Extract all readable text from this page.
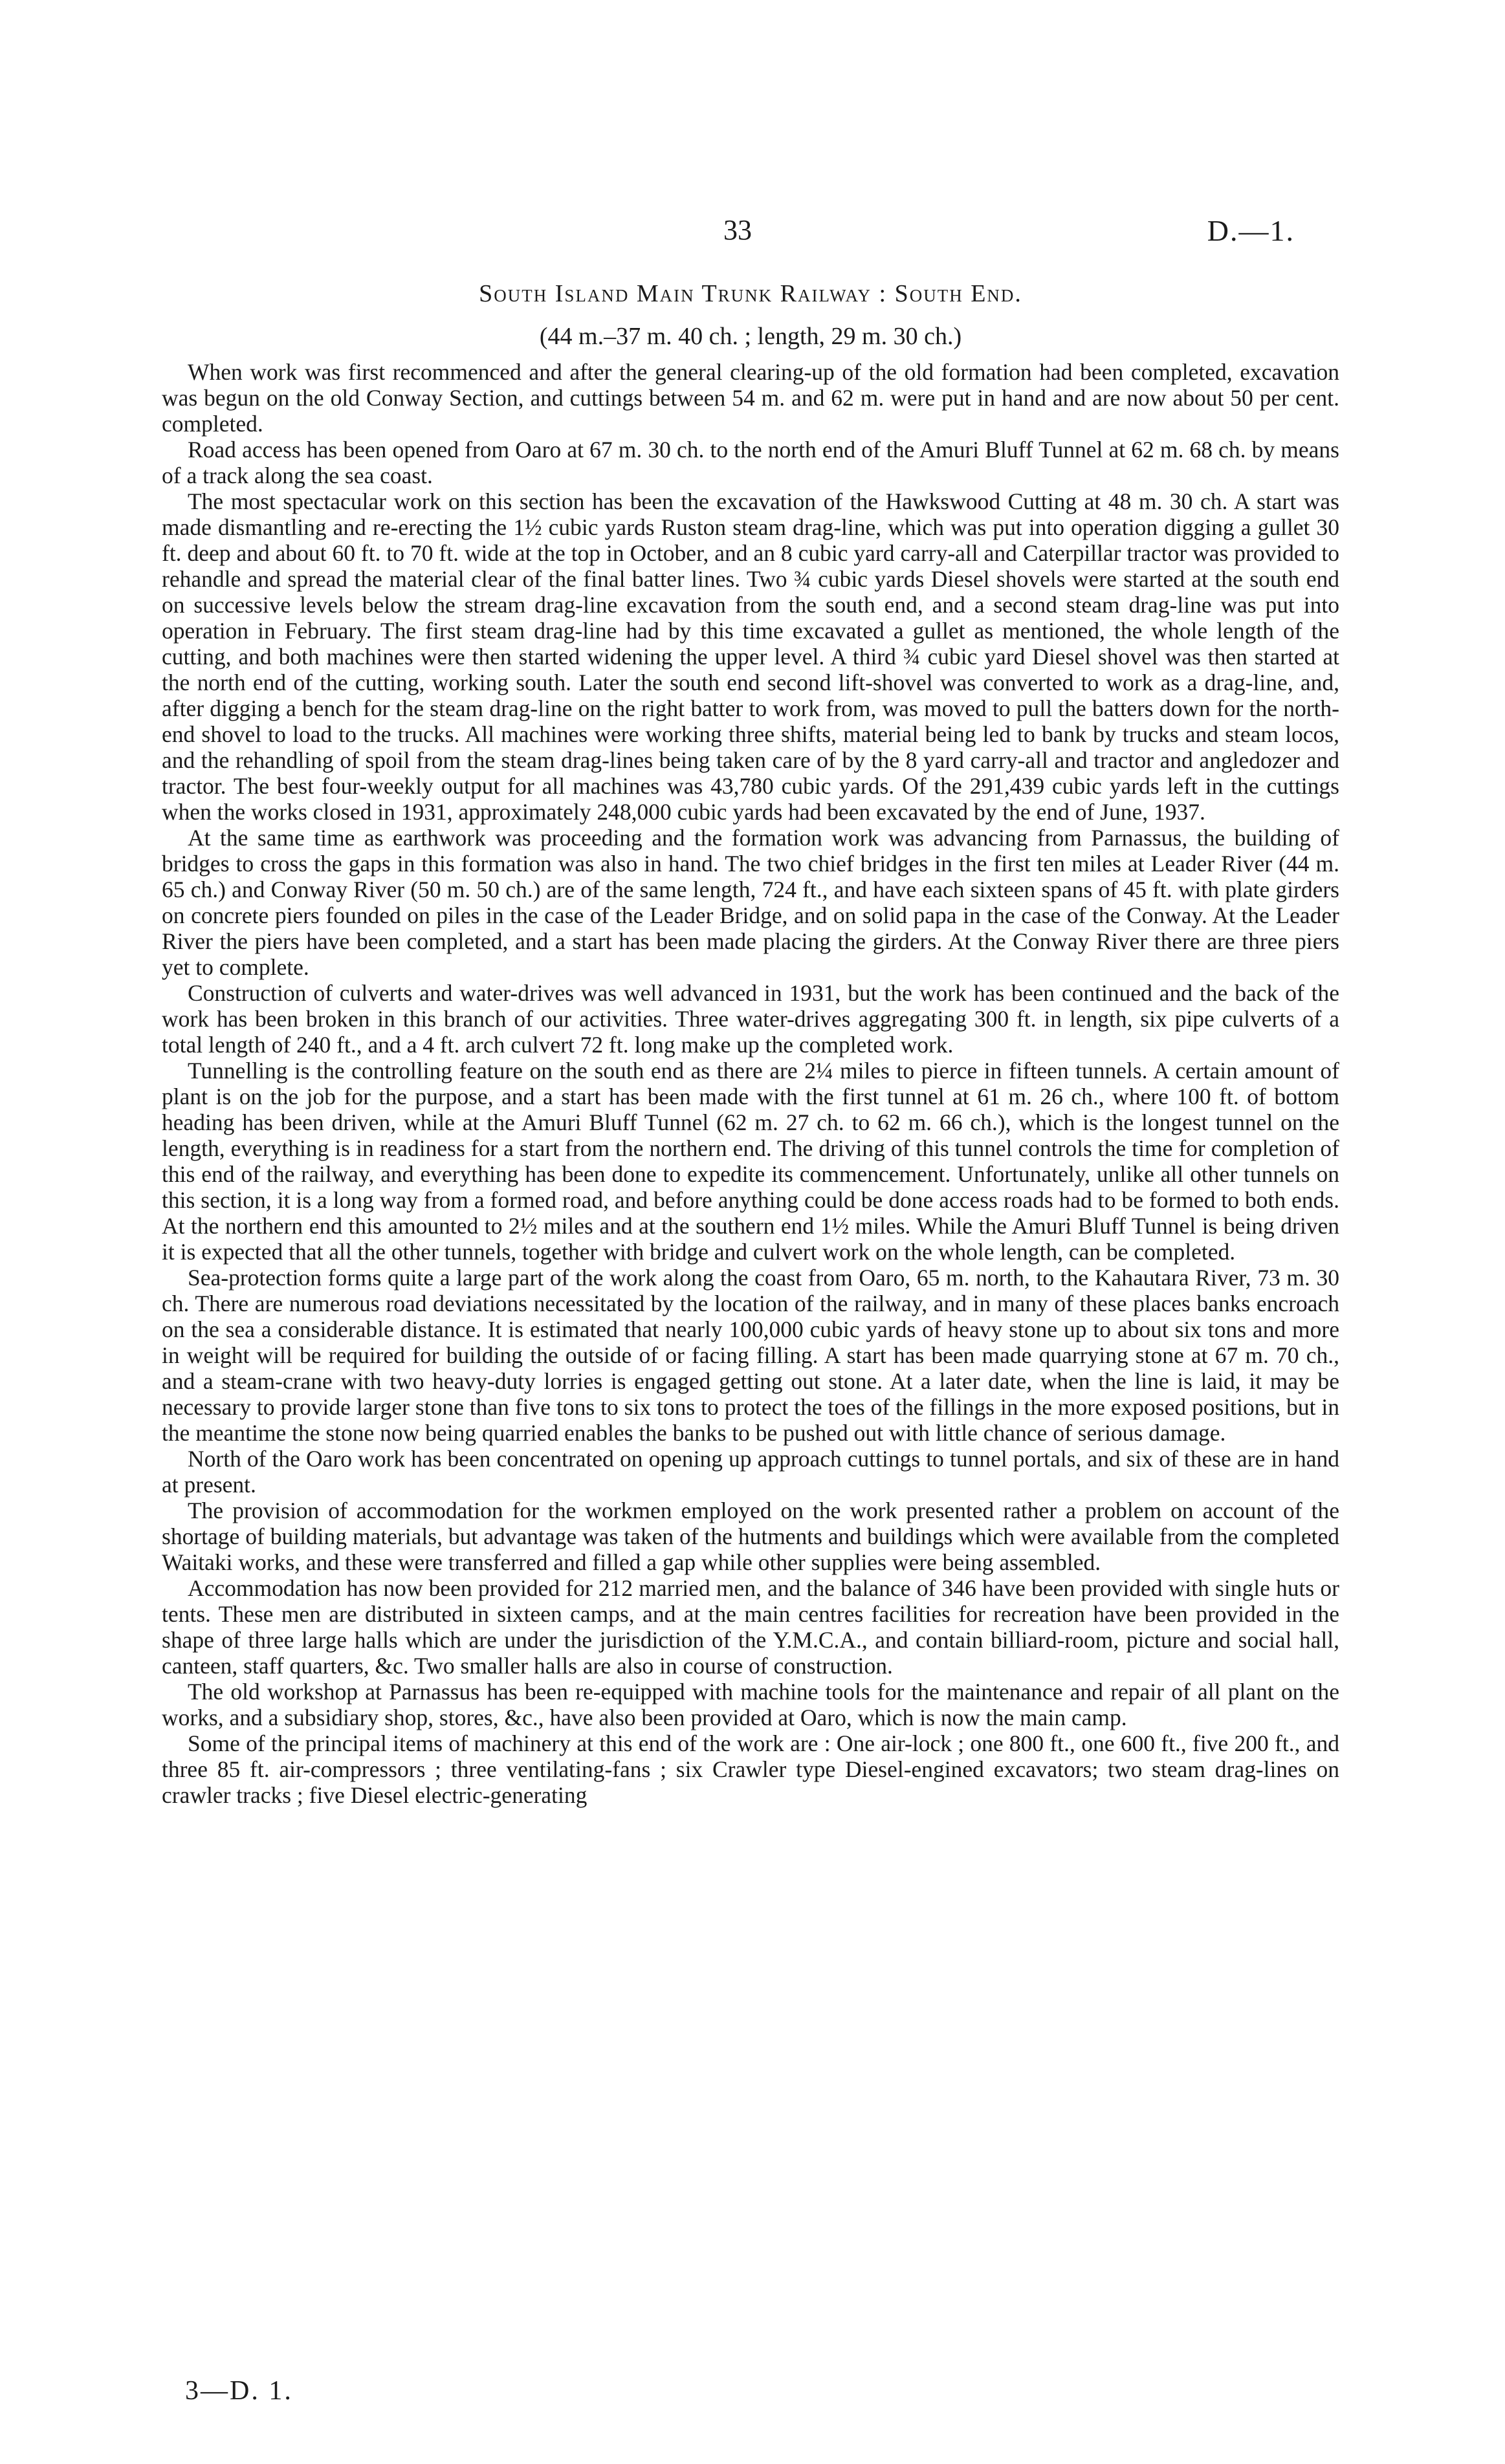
33	D.—1.
South Island Main Trunk Railway : South End.
(44 m.–37 m. 40 ch. ; length, 29 m. 30 ch.)

When work was first recommenced and after the general clearing-up of the old formation had been completed, excavation was begun on the old Conway Section, and cuttings between 54 m. and 62 m. were put in hand and are now about 50 per cent. completed.

Road access has been opened from Oaro at 67 m. 30 ch. to the north end of the Amuri Bluff Tunnel at 62 m. 68 ch. by means of a track along the sea coast.

The most spectacular work on this section has been the excavation of the Hawkswood Cutting at 48 m. 30 ch. A start was made dismantling and re-erecting the 1½ cubic yards Ruston steam drag-line, which was put into operation digging a gullet 30 ft. deep and about 60 ft. to 70 ft. wide at the top in October, and an 8 cubic yard carry-all and Caterpillar tractor was provided to rehandle and spread the material clear of the final batter lines. Two ¾ cubic yards Diesel shovels were started at the south end on successive levels below the stream drag-line excavation from the south end, and a second steam drag-line was put into operation in February. The first steam drag-line had by this time excavated a gullet as mentioned, the whole length of the cutting, and both machines were then started widening the upper level. A third ¾ cubic yard Diesel shovel was then started at the north end of the cutting, working south. Later the south end second lift-shovel was converted to work as a drag-line, and, after digging a bench for the steam drag-line on the right batter to work from, was moved to pull the batters down for the north-end shovel to load to the trucks. All machines were working three shifts, material being led to bank by trucks and steam locos, and the rehandling of spoil from the steam drag-lines being taken care of by the 8 yard carry-all and tractor and angledozer and tractor. The best four-weekly output for all machines was 43,780 cubic yards. Of the 291,439 cubic yards left in the cuttings when the works closed in 1931, approximately 248,000 cubic yards had been excavated by the end of June, 1937.

At the same time as earthwork was proceeding and the formation work was advancing from Parnassus, the building of bridges to cross the gaps in this formation was also in hand. The two chief bridges in the first ten miles at Leader River (44 m. 65 ch.) and Conway River (50 m. 50 ch.) are of the same length, 724 ft., and have each sixteen spans of 45 ft. with plate girders on concrete piers founded on piles in the case of the Leader Bridge, and on solid papa in the case of the Conway. At the Leader River the piers have been completed, and a start has been made placing the girders. At the Conway River there are three piers yet to complete.

Construction of culverts and water-drives was well advanced in 1931, but the work has been continued and the back of the work has been broken in this branch of our activities. Three water-drives aggregating 300 ft. in length, six pipe culverts of a total length of 240 ft., and a 4 ft. arch culvert 72 ft. long make up the completed work.

Tunnelling is the controlling feature on the south end as there are 2¼ miles to pierce in fifteen tunnels. A certain amount of plant is on the job for the purpose, and a start has been made with the first tunnel at 61 m. 26 ch., where 100 ft. of bottom heading has been driven, while at the Amuri Bluff Tunnel (62 m. 27 ch. to 62 m. 66 ch.), which is the longest tunnel on the length, everything is in readiness for a start from the northern end. The driving of this tunnel controls the time for completion of this end of the railway, and everything has been done to expedite its commencement. Unfortunately, unlike all other tunnels on this section, it is a long way from a formed road, and before anything could be done access roads had to be formed to both ends. At the northern end this amounted to 2½ miles and at the southern end 1½ miles. While the Amuri Bluff Tunnel is being driven it is expected that all the other tunnels, together with bridge and culvert work on the whole length, can be completed.

Sea-protection forms quite a large part of the work along the coast from Oaro, 65 m. north, to the Kahautara River, 73 m. 30 ch. There are numerous road deviations necessitated by the location of the railway, and in many of these places banks encroach on the sea a considerable distance. It is estimated that nearly 100,000 cubic yards of heavy stone up to about six tons and more in weight will be required for building the outside of or facing filling. A start has been made quarrying stone at 67 m. 70 ch., and a steam-crane with two heavy-duty lorries is engaged getting out stone. At a later date, when the line is laid, it may be necessary to provide larger stone than five tons to six tons to protect the toes of the fillings in the more exposed positions, but in the meantime the stone now being quarried enables the banks to be pushed out with little chance of serious damage.

North of the Oaro work has been concentrated on opening up approach cuttings to tunnel portals, and six of these are in hand at present.

The provision of accommodation for the workmen employed on the work presented rather a problem on account of the shortage of building materials, but advantage was taken of the hutments and buildings which were available from the completed Waitaki works, and these were transferred and filled a gap while other supplies were being assembled.

Accommodation has now been provided for 212 married men, and the balance of 346 have been provided with single huts or tents. These men are distributed in sixteen camps, and at the main centres facilities for recreation have been provided in the shape of three large halls which are under the jurisdiction of the Y.M.C.A., and contain billiard-room, picture and social hall, canteen, staff quarters, &c. Two smaller halls are also in course of construction.

The old workshop at Parnassus has been re-equipped with machine tools for the maintenance and repair of all plant on the works, and a subsidiary shop, stores, &c., have also been provided at Oaro, which is now the main camp.

Some of the principal items of machinery at this end of the work are : One air-lock ; one 800 ft., one 600 ft., five 200 ft., and three 85 ft. air-compressors ; three ventilating-fans ; six Crawler type Diesel-engined excavators; two steam drag-lines on crawler tracks ; five Diesel electric-generating

3—D. 1.
